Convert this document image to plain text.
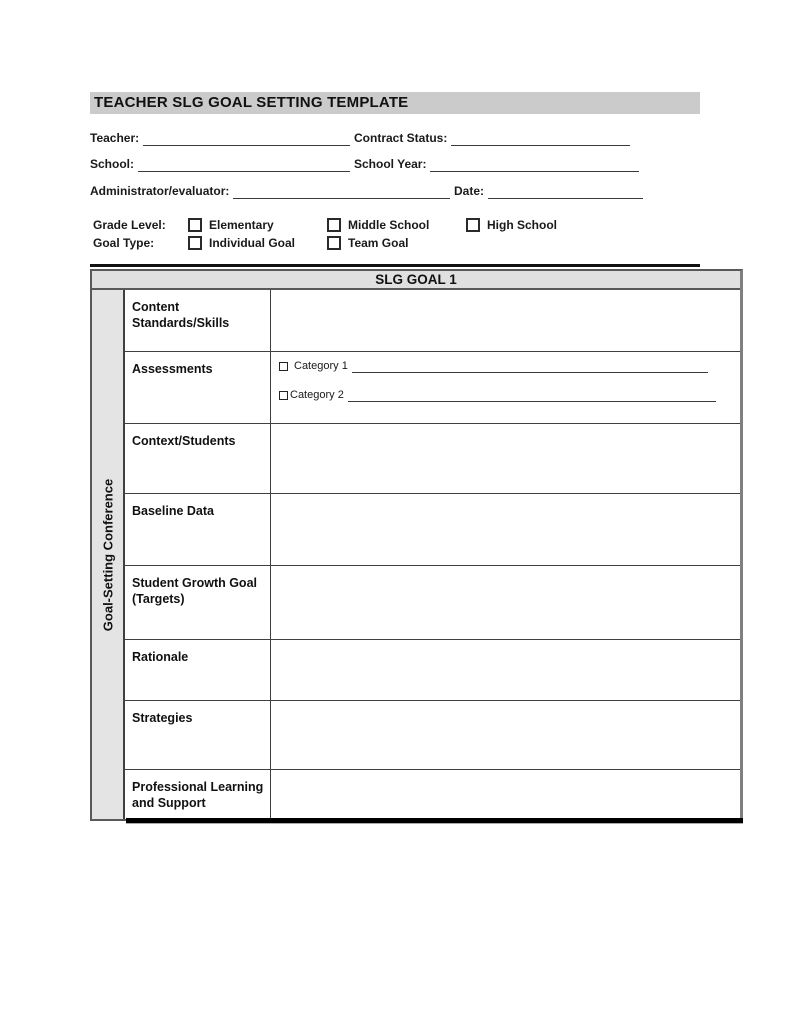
TEACHER SLG GOAL SETTING TEMPLATE
Teacher:	Contract Status:
School:	School Year:
Administrator/evaluator:	Date:
Grade Level:	Elementary	Middle School	High School
Goal Type:	Individual Goal	Team Goal
SLG GOAL 1
Goal-Setting Conference
Content Standards/Skills
Assessments	Category 1
Category 2
Context/Students
Baseline Data
Student Growth Goal (Targets)
Rationale
Strategies
Professional Learning and Support
